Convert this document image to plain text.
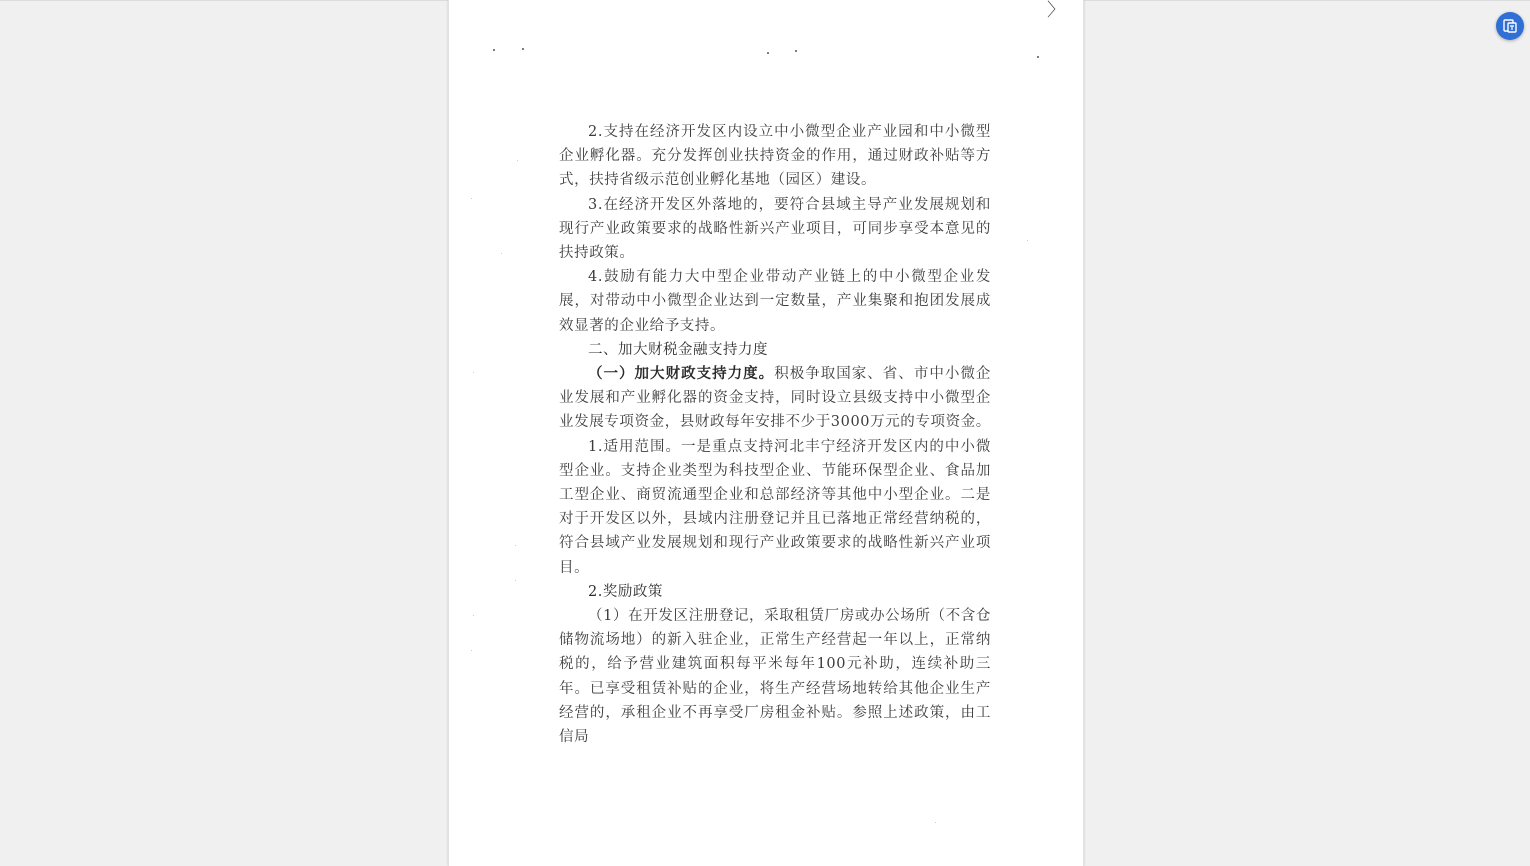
〉

2.支持在经济开发区内设立中小微型企业产业园和中小微型企业孵化器。充分发挥创业扶持资金的作用，通过财政补贴等方式，扶持省级示范创业孵化基地（园区）建设。

3.在经济开发区外落地的，要符合县域主导产业发展规划和现行产业政策要求的战略性新兴产业项目，可同步享受本意见的扶持政策。

4.鼓励有能力大中型企业带动产业链上的中小微型企业发展，对带动中小微型企业达到一定数量，产业集聚和抱团发展成效显著的企业给予支持。

二、加大财税金融支持力度

（一）加大财政支持力度。积极争取国家、省、市中小微企业发展和产业孵化器的资金支持，同时设立县级支持中小微型企业发展专项资金，县财政每年安排不少于3000万元的专项资金。

1.适用范围。一是重点支持河北丰宁经济开发区内的中小微型企业。支持企业类型为科技型企业、节能环保型企业、食品加工型企业、商贸流通型企业和总部经济等其他中小型企业。二是对于开发区以外，县域内注册登记并且已落地正常经营纳税的，符合县域产业发展规划和现行产业政策要求的战略性新兴产业项目。

2.奖励政策

（1）在开发区注册登记，采取租赁厂房或办公场所（不含仓储物流场地）的新入驻企业，正常生产经营起一年以上，正常纳税的，给予营业建筑面积每平米每年100元补助，连续补助三年。已享受租赁补贴的企业，将生产经营场地转给其他企业生产经营的，承租企业不再享受厂房租金补贴。参照上述政策，由工信局
